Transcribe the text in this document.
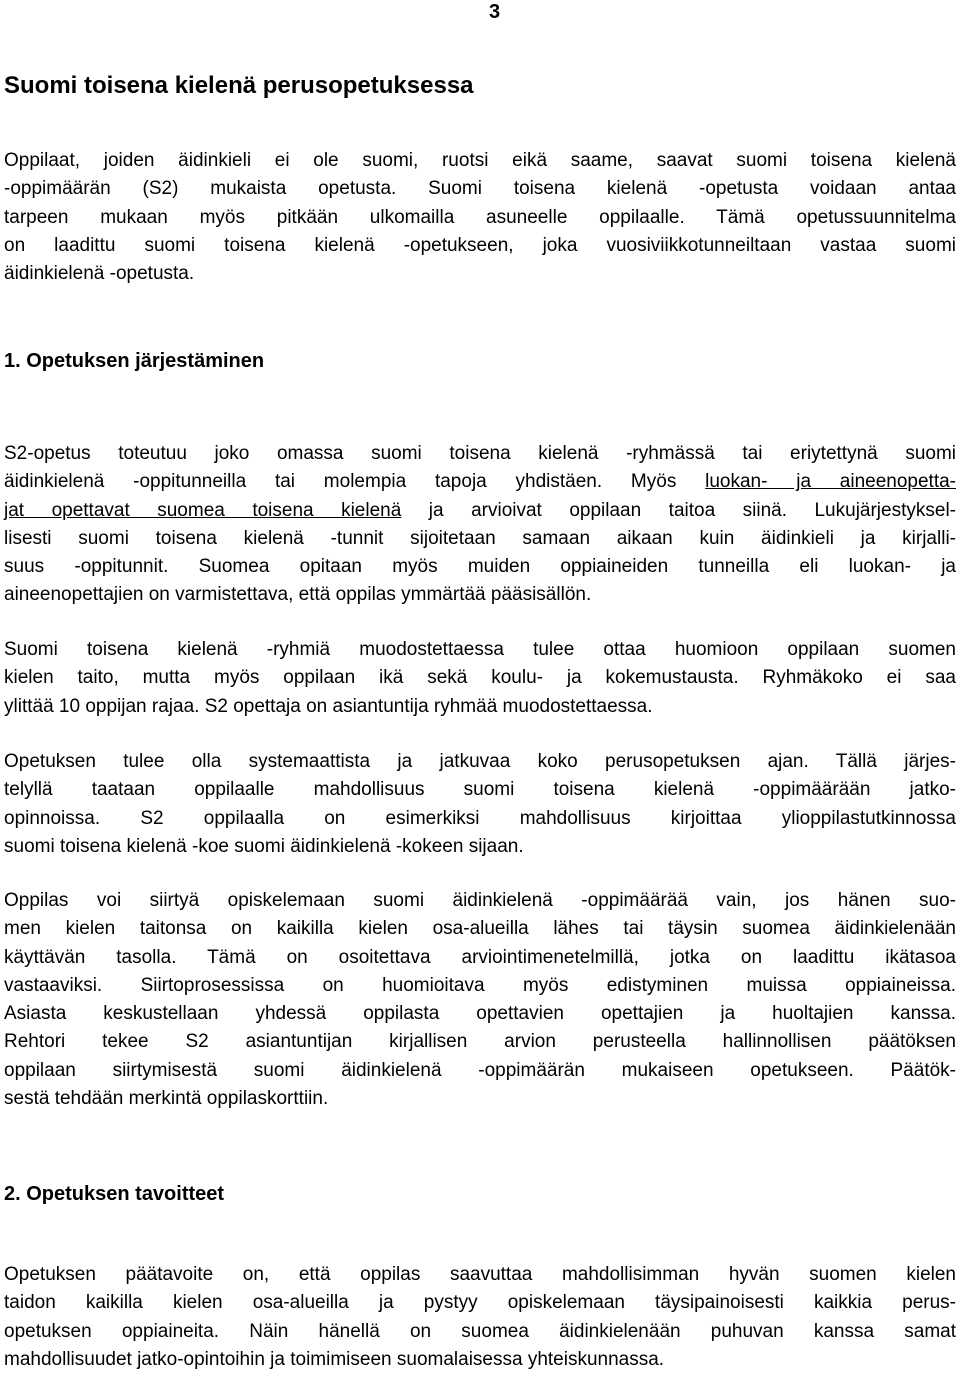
3
Suomi toisena kielenä perusopetuksessa
Oppilaat, joiden äidinkieli ei ole suomi, ruotsi eikä saame, saavat suomi toisena kielenä
-oppimäärän (S2) mukaista opetusta. Suomi toisena kielenä -opetusta voidaan antaa
tarpeen mukaan myös pitkään ulkomailla asuneelle oppilaalle. Tämä opetussuunnitelma
on laadittu suomi toisena kielenä -opetukseen, joka vuosiviikkotunneiltaan vastaa suomi
äidinkielenä -opetusta.
1. Opetuksen järjestäminen
S2-opetus toteutuu joko omassa suomi toisena kielenä -ryhmässä tai eriytettynä suomi
äidinkielenä -oppitunneilla tai molempia tapoja yhdistäen. Myös luokan- ja aineenopetta-
jat opettavat suomea toisena kielenä ja arvioivat oppilaan taitoa siinä. Lukujärjestyksel-
lisesti suomi toisena kielenä -tunnit sijoitetaan samaan aikaan kuin äidinkieli ja kirjalli-
suus -oppitunnit. Suomea opitaan myös muiden oppiaineiden tunneilla eli luokan- ja
aineenopettajien on varmistettava, että oppilas ymmärtää pääsisällön.
Suomi toisena kielenä -ryhmiä muodostettaessa tulee ottaa huomioon oppilaan suomen
kielen taito, mutta myös oppilaan ikä sekä koulu- ja kokemustausta. Ryhmäkoko ei saa
ylittää 10 oppijan rajaa. S2 opettaja on asiantuntija ryhmää muodostettaessa.
Opetuksen tulee olla systemaattista ja jatkuvaa koko perusopetuksen ajan. Tällä järjes-
telyllä taataan oppilaalle mahdollisuus suomi toisena kielenä -oppimäärään jatko-
opinnoissa. S2 oppilaalla on esimerkiksi mahdollisuus kirjoittaa ylioppilastutkinnossa
suomi toisena kielenä -koe suomi äidinkielenä -kokeen sijaan.
Oppilas voi siirtyä opiskelemaan suomi äidinkielenä -oppimäärää vain, jos hänen suo-
men kielen taitonsa on kaikilla kielen osa-alueilla lähes tai täysin suomea äidinkielenään
käyttävän tasolla. Tämä on osoitettava arviointimenetelmillä, jotka on laadittu ikätasoa
vastaaviksi. Siirtoprosessissa on huomioitava myös edistyminen muissa oppiaineissa.
Asiasta keskustellaan yhdessä oppilasta opettavien opettajien ja huoltajien kanssa.
Rehtori tekee S2 asiantuntijan kirjallisen arvion perusteella hallinnollisen päätöksen
oppilaan siirtymisestä suomi äidinkielenä -oppimäärän mukaiseen opetukseen. Päätök-
sestä tehdään merkintä oppilaskorttiin.
2. Opetuksen tavoitteet
Opetuksen päätavoite on, että oppilas saavuttaa mahdollisimman hyvän suomen kielen
taidon kaikilla kielen osa-alueilla ja pystyy opiskelemaan täysipainoisesti kaikkia perus-
opetuksen oppiaineita. Näin hänellä on suomea äidinkielenään puhuvan kanssa samat
mahdollisuudet jatko-opintoihin ja toimimiseen suomalaisessa yhteiskunnassa.
